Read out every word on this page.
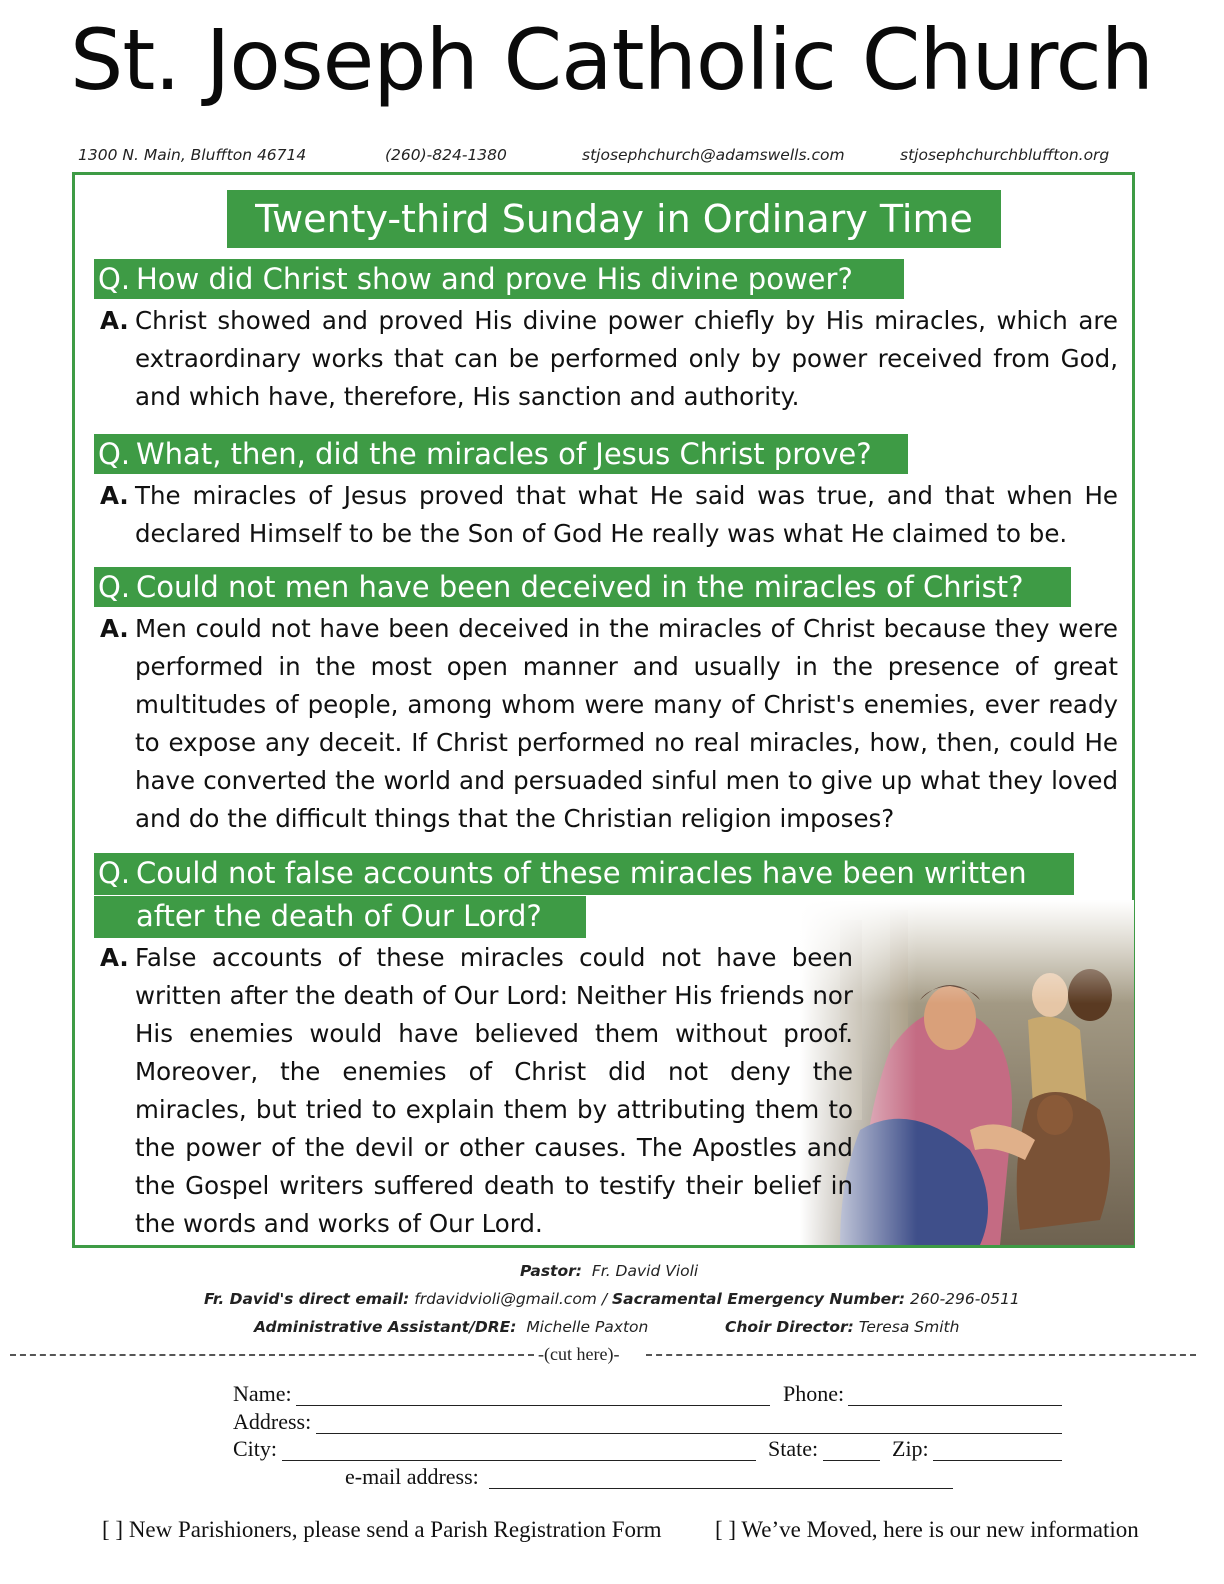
St. Joseph Catholic Church
1300 N. Main, Bluffton 46714	(260)-824-1380	stjosephchurch@adamswells.com	stjosephchurchbluffton.org
Twenty-third Sunday in Ordinary Time
Q. How did Christ show and prove His divine power?
A. Christ showed and proved His divine power chiefly by His miracles, which are extraordinary works that can be performed only by power received from God, and which have, therefore, His sanction and authority.
Q. What, then, did the miracles of Jesus Christ prove?
A. The miracles of Jesus proved that what He said was true, and that when He declared Himself to be the Son of God He really was what He claimed to be.
Q. Could not men have been deceived in the miracles of Christ?
A. Men could not have been deceived in the miracles of Christ because they were performed in the most open manner and usually in the presence of great multitudes of people, among whom were many of Christ's enemies, ever ready to expose any deceit. If Christ performed no real miracles, how, then, could He have converted the world and persuaded sinful men to give up what they loved and do the difficult things that the Christian religion imposes?
Q. Could not false accounts of these miracles have been written
after the death of Our Lord?
A. False accounts of these miracles could not have been written after the death of Our Lord: Neither His friends nor His enemies would have believed them without proof. Moreover, the enemies of Christ did not deny the miracles, but tried to explain them by attributing them to the power of the devil or other causes. The Apostles and the Gospel writers suffered death to testify their belief in the words and works of Our Lord.
Pastor: Fr. David Violi
Fr. David's direct email: frdavidvioli@gmail.com / Sacramental Emergency Number: 260-296-0511
Administrative Assistant/DRE: Michelle Paxton	Choir Director: Teresa Smith
-(cut here)-
Name:	Phone:
Address:
City:	State:	Zip:
e-mail address:
[ ] New Parishioners, please send a Parish Registration Form [ ] We’ve Moved, here is our new information
